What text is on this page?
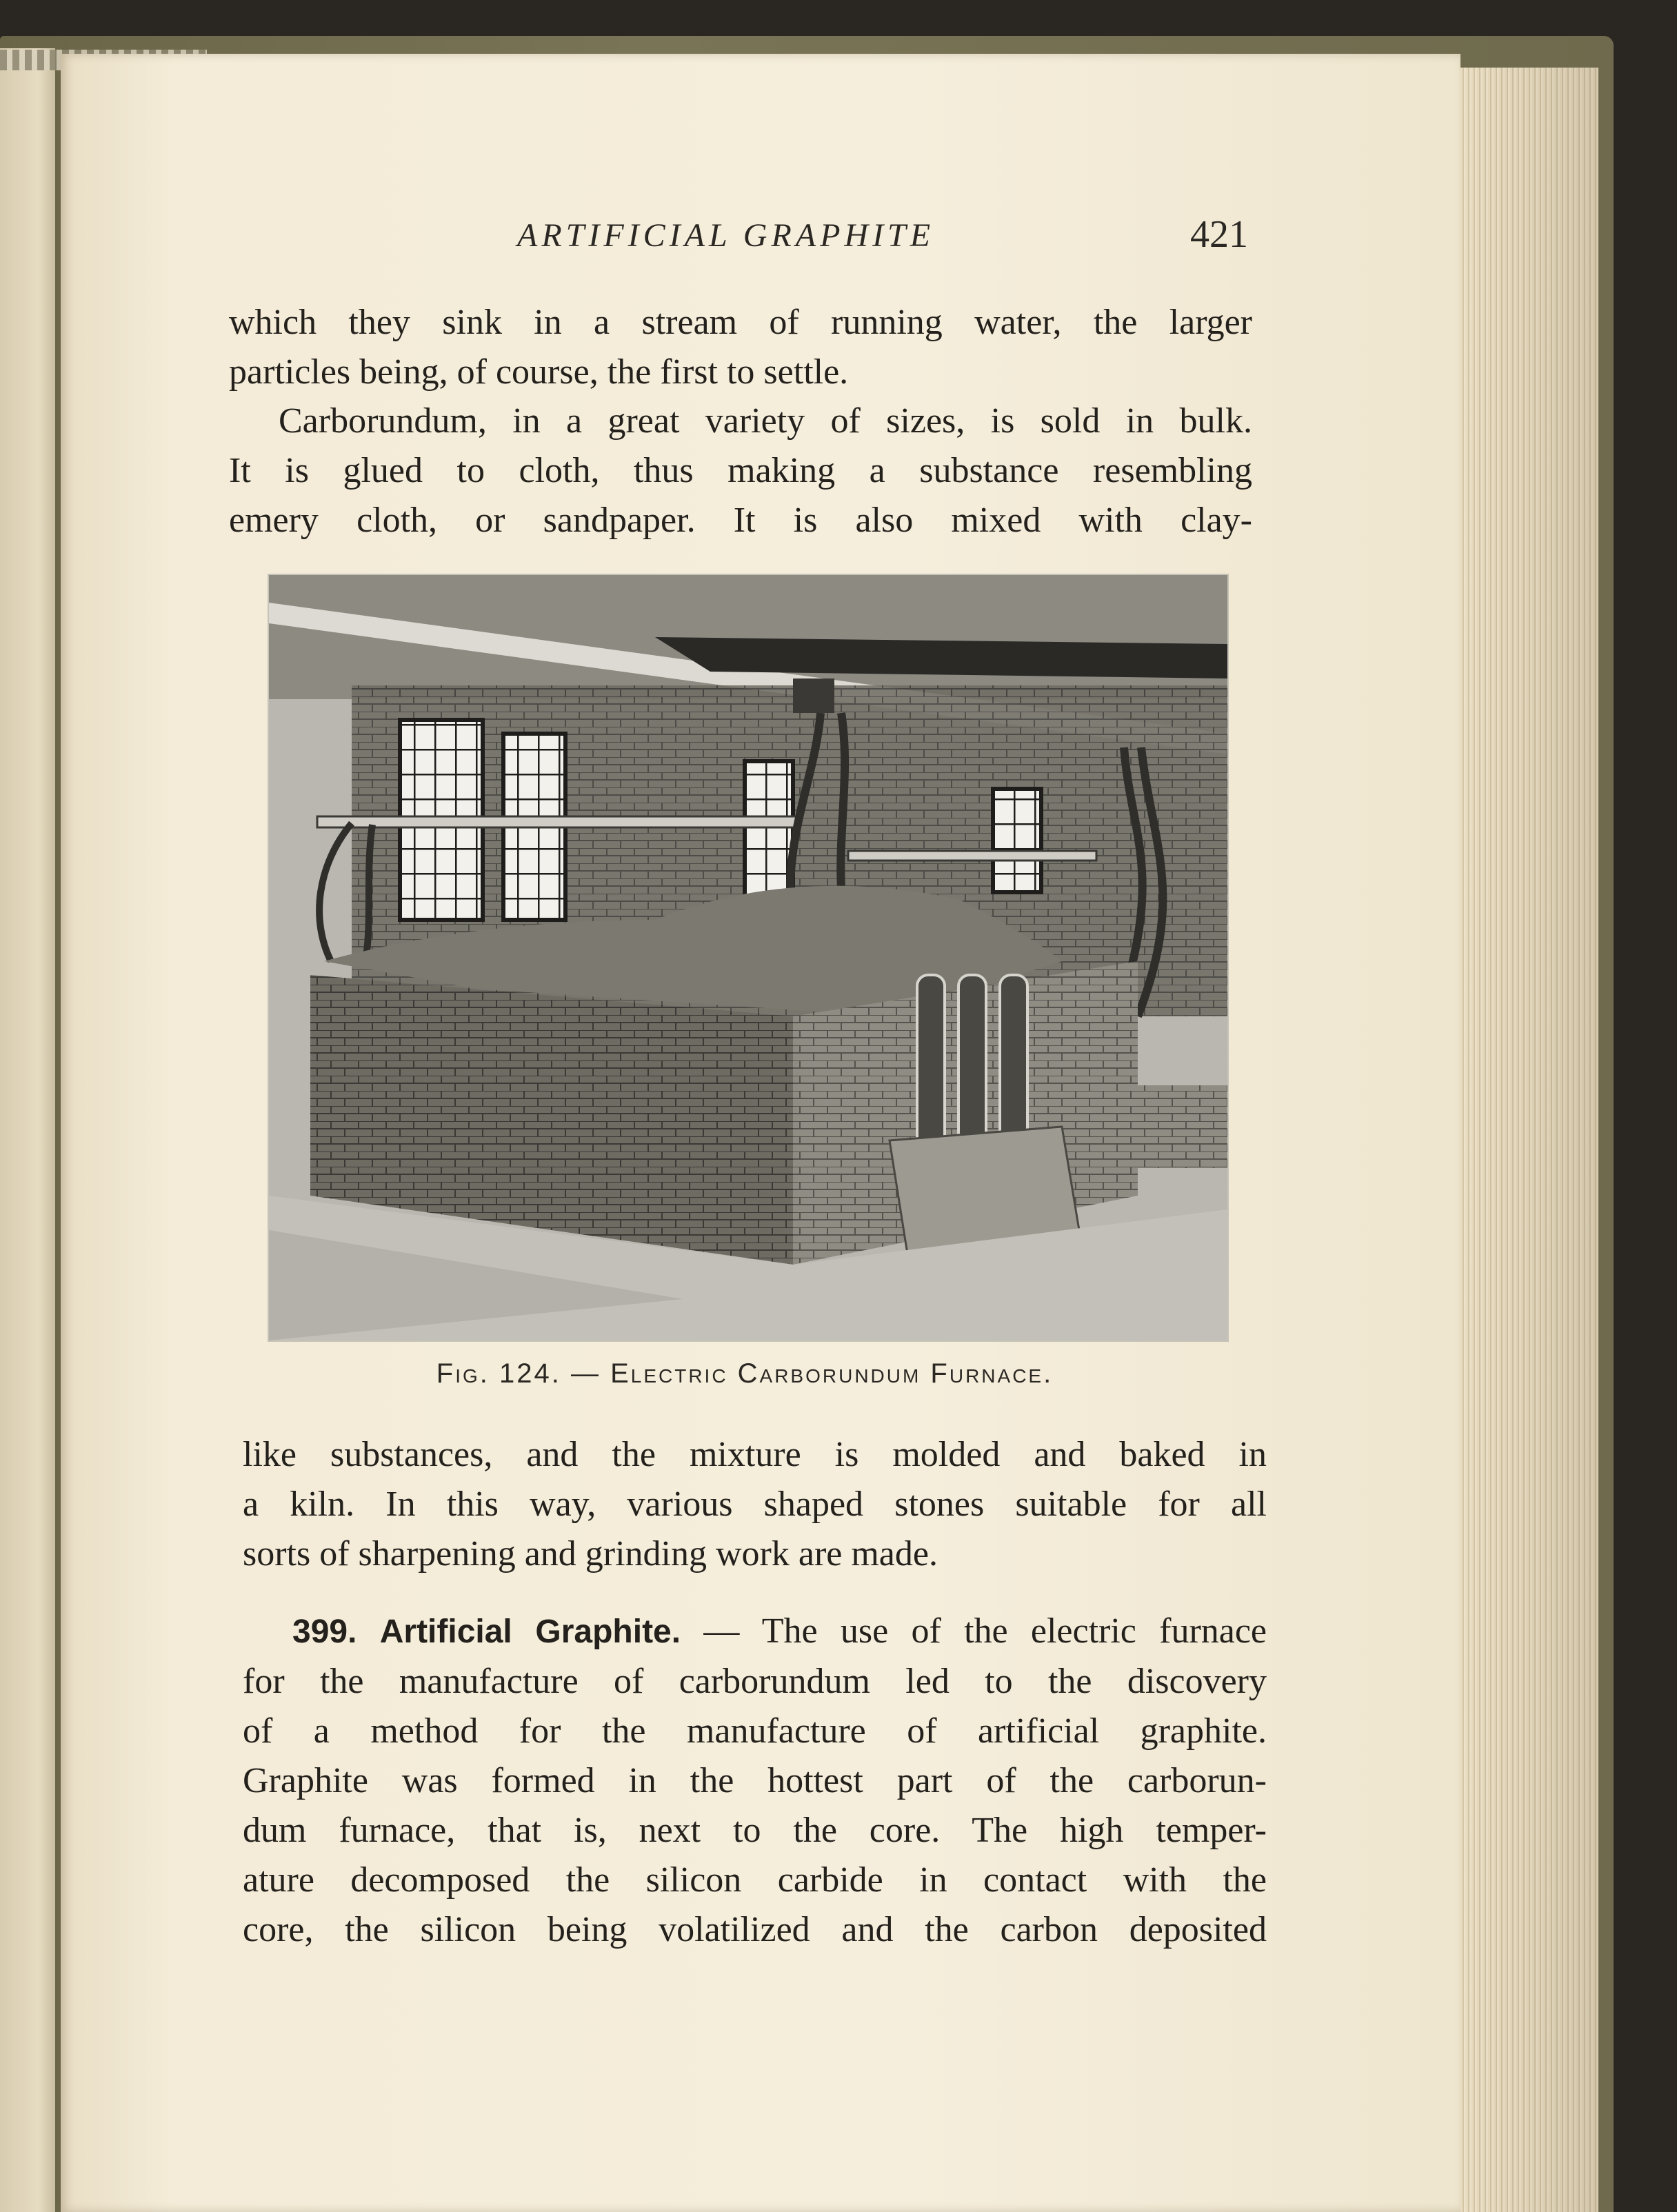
ARTIFICIAL GRAPHITE	421
which they sink in a stream of running water, the larger
particles being, of course, the first to settle.
Carborundum, in a great variety of sizes, is sold in bulk.
It is glued to cloth, thus making a substance resembling
emery cloth, or sandpaper. It is also mixed with clay-
Fig. 124. — Electric Carborundum Furnace.
like substances, and the mixture is molded and baked in
a kiln. In this way, various shaped stones suitable for all
sorts of sharpening and grinding work are made.
399. Artificial Graphite. — The use of the electric furnace
for the manufacture of carborundum led to the discovery
of a method for the manufacture of artificial graphite.
Graphite was formed in the hottest part of the carborun-
dum furnace, that is, next to the core. The high temper-
ature decomposed the silicon carbide in contact with the
core, the silicon being volatilized and the carbon deposited
